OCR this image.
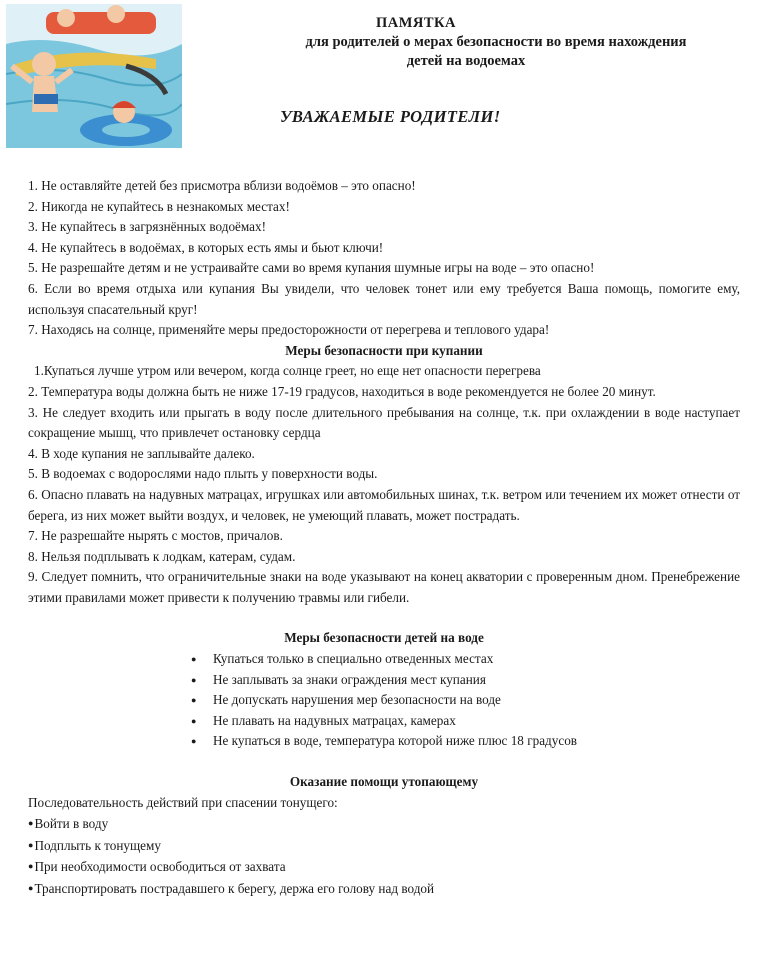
ПАМЯТКА
для родителей о мерах безопасности во время нахождения
детей на водоемах
УВАЖАЕМЫЕ РОДИТЕЛИ!

1. Не оставляйте детей без присмотра вблизи водоёмов – это опасно!

2. Никогда не купайтесь в незнакомых местах!

3. Не купайтесь в загрязнённых водоёмах!

4. Не купайтесь в водоёмах, в которых есть ямы и бьют ключи!

5. Не разрешайте детям и не устраивайте сами во время купания шумные игры на воде – это опасно!

6. Если во время отдыха или купания Вы увидели, что человек тонет или ему требуется Ваша помощь, помогите ему, используя спасательный круг!

7. Находясь на солнце, применяйте меры предосторожности от перегрева и теплового удара!

Меры безопасности при купании

1.Купаться лучше утром или вечером, когда солнце греет, но еще нет опасности перегрева

2. Температура воды должна быть не ниже 17-19 градусов, находиться в воде рекомендуется не более 20 минут.

3. Не следует входить или прыгать в воду после длительного пребывания на солнце, т.к. при охлаждении в воде наступает сокращение мышц, что привлечет остановку сердца

4. В ходе купания не заплывайте далеко.

5. В водоемах с водорослями надо плыть у поверхности воды.

6. Опасно плавать на надувных матрацах, игрушках или автомобильных шинах, т.к. ветром или течением их может отнести от берега, из них может выйти воздух, и человек, не умеющий плавать, может пострадать.

7. Не разрешайте нырять с мостов, причалов.

8. Нельзя подплывать к лодкам, катерам, судам.

9. Следует помнить, что ограничительные знаки на воде указывают на конец акватории с проверенным дном. Пренебрежение этими правилами может привести к получению травмы или гибели.

Меры безопасности детей на воде

● Купаться только в специально отведенных местах
● Не заплывать за знаки ограждения мест купания
● Не допускать нарушения мер безопасности на воде
● Не плавать на надувных матрацах, камерах
● Не купаться в воде, температура которой ниже плюс 18 градусов

Оказание помощи утопающему

Последовательность действий при спасении тонущего:

●Войти в воду

●Подплыть к тонущему

●При необходимости освободиться от захвата

●Транспортировать пострадавшего к берегу, держа его голову над водой
